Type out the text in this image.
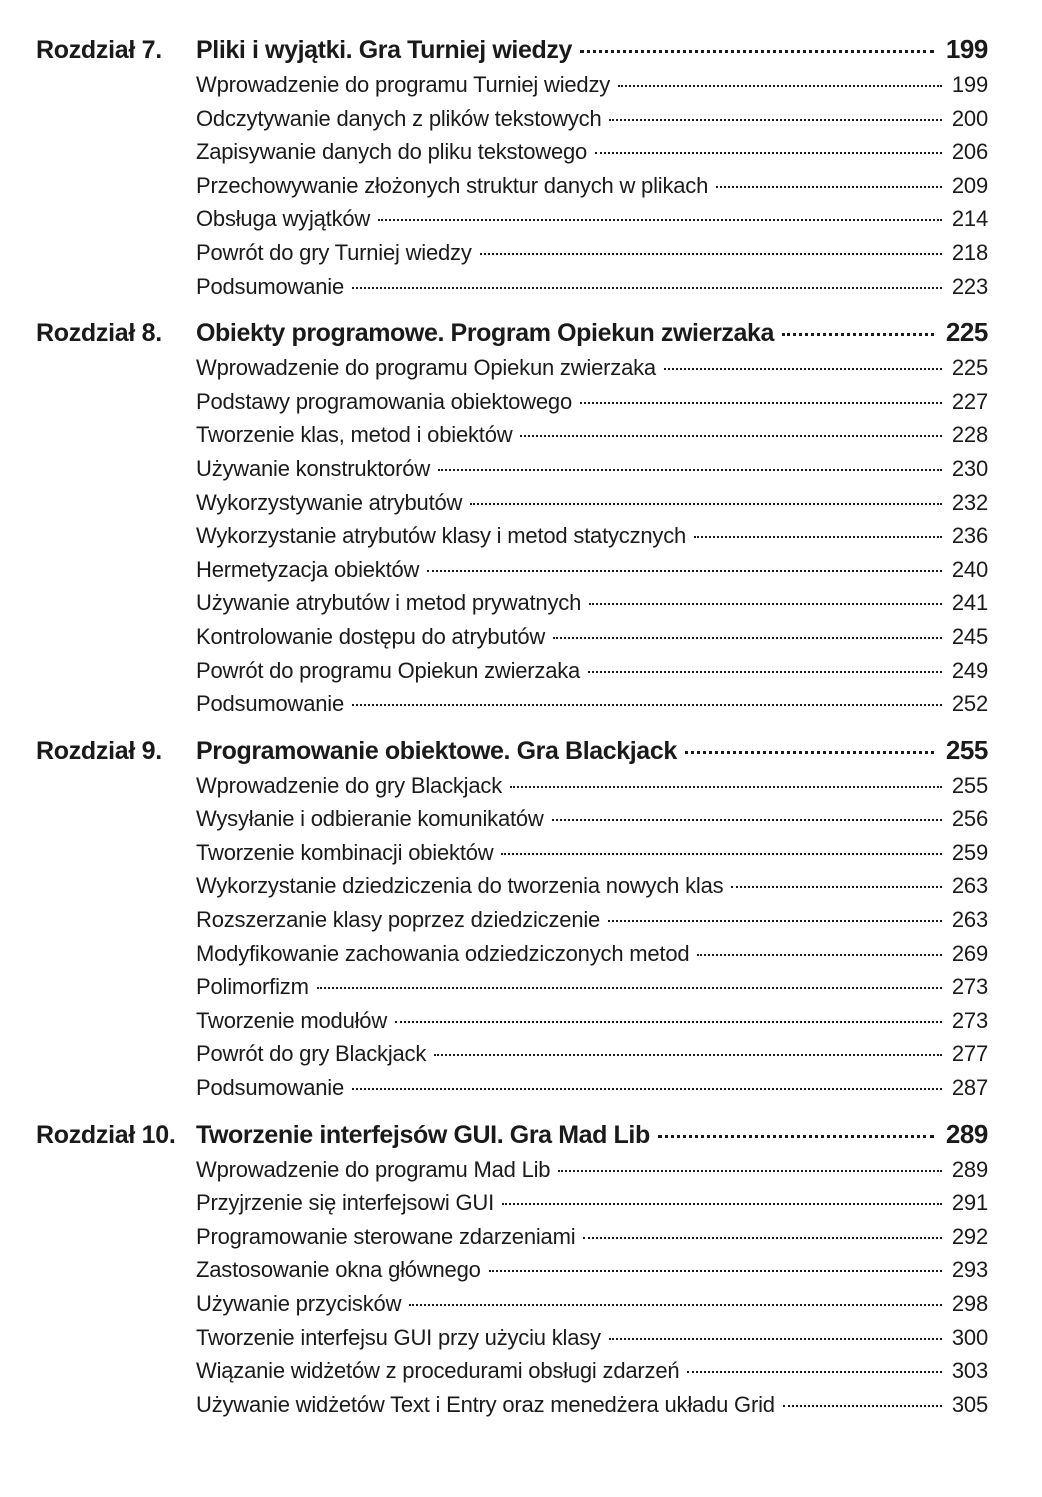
Rozdział 7.	Pliki i wyjątki. Gra Turniej wiedzy	199
Wprowadzenie do programu Turniej wiedzy	199
Odczytywanie danych z plików tekstowych	200
Zapisywanie danych do pliku tekstowego	206
Przechowywanie złożonych struktur danych w plikach	209
Obsługa wyjątków	214
Powrót do gry Turniej wiedzy	218
Podsumowanie	223
Rozdział 8.	Obiekty programowe. Program Opiekun zwierzaka	225
Wprowadzenie do programu Opiekun zwierzaka	225
Podstawy programowania obiektowego	227
Tworzenie klas, metod i obiektów	228
Używanie konstruktorów	230
Wykorzystywanie atrybutów	232
Wykorzystanie atrybutów klasy i metod statycznych	236
Hermetyzacja obiektów	240
Używanie atrybutów i metod prywatnych	241
Kontrolowanie dostępu do atrybutów	245
Powrót do programu Opiekun zwierzaka	249
Podsumowanie	252
Rozdział 9.	Programowanie obiektowe. Gra Blackjack	255
Wprowadzenie do gry Blackjack	255
Wysyłanie i odbieranie komunikatów	256
Tworzenie kombinacji obiektów	259
Wykorzystanie dziedziczenia do tworzenia nowych klas	263
Rozszerzanie klasy poprzez dziedziczenie	263
Modyfikowanie zachowania odziedziczonych metod	269
Polimorfizm	273
Tworzenie modułów	273
Powrót do gry Blackjack	277
Podsumowanie	287
Rozdział 10. Tworzenie interfejsów GUI. Gra Mad Lib	289
Wprowadzenie do programu Mad Lib	289
Przyjrzenie się interfejsowi GUI	291
Programowanie sterowane zdarzeniami	292
Zastosowanie okna głównego	293
Używanie przycisków	298
Tworzenie interfejsu GUI przy użyciu klasy	300
Wiązanie widżetów z procedurami obsługi zdarzeń	303
Używanie widżetów Text i Entry oraz menedżera układu Grid	305
